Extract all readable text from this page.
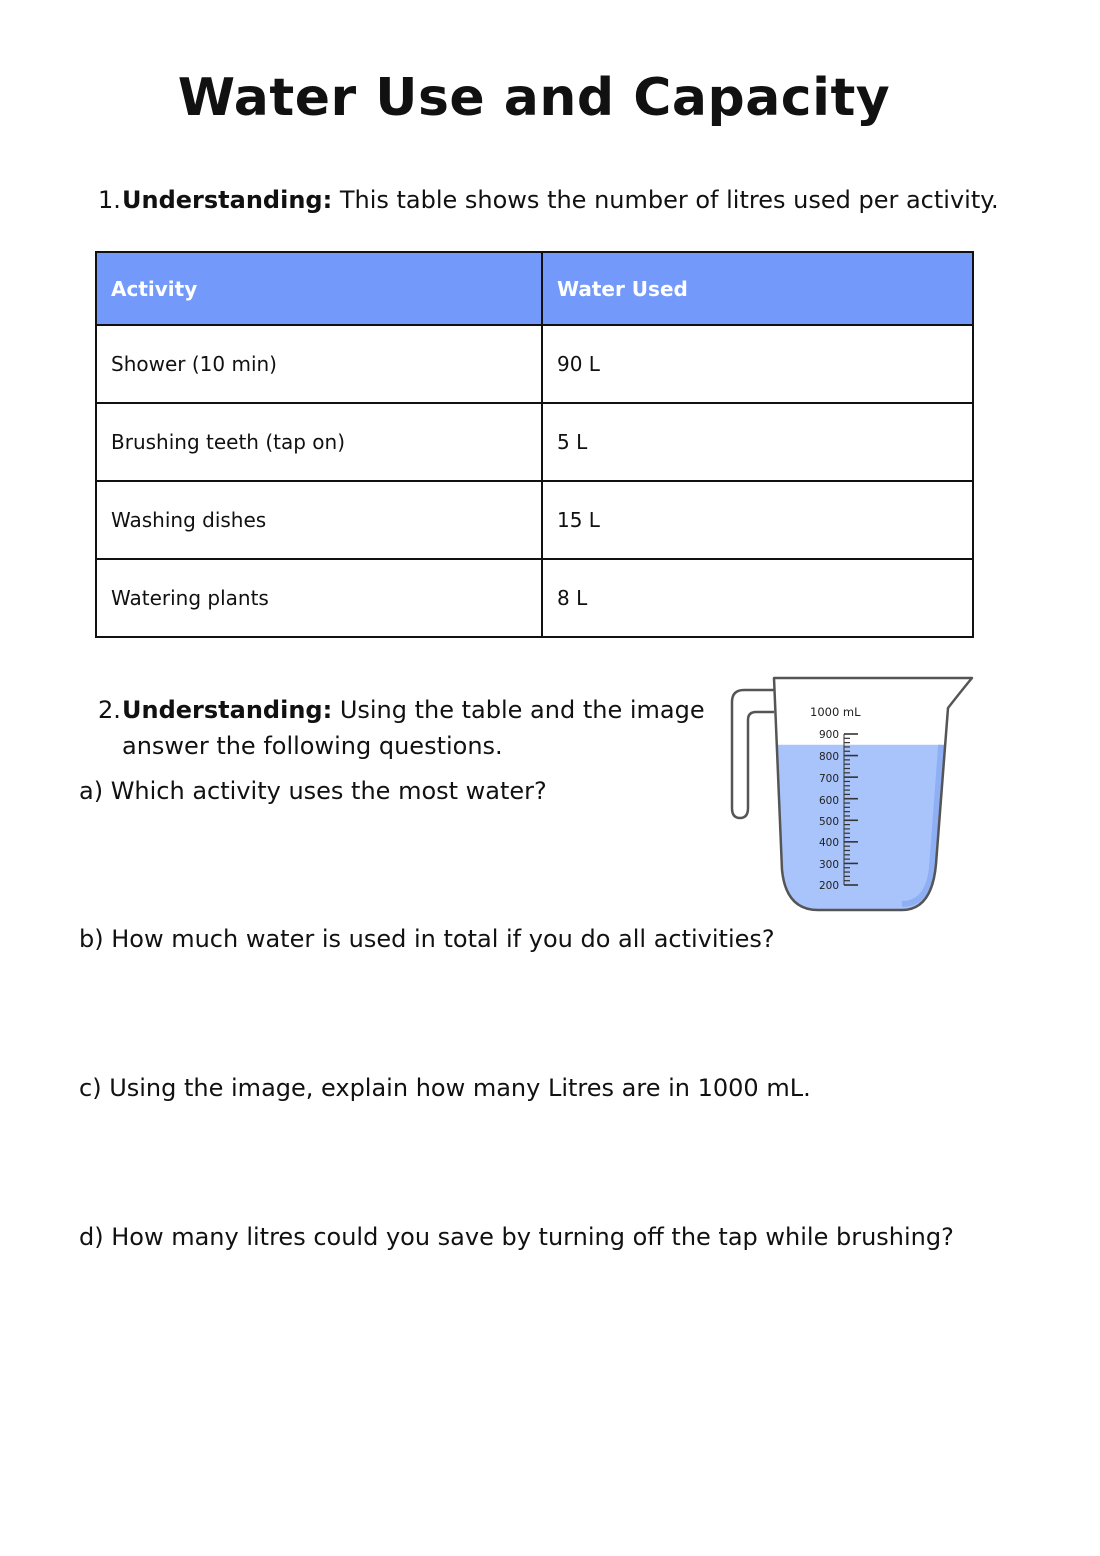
Water Use and Capacity

1.Understanding: This table shows the number of litres used per activity.

Activity	Water Used
Shower (10 min)	90 L
Brushing teeth (tap on)	5 L
Washing dishes	15 L
Watering plants	8 L

2.Understanding: Using the table and the image
answer the following questions.

a) Which activity uses the most water?

b) How much water is used in total if you do all activities?

c) Using the image, explain how many Litres are in 1000 mL.

d) How many litres could you save by turning off the tap while brushing?

1000 mL
900
800
700
600
500
400
300
200
